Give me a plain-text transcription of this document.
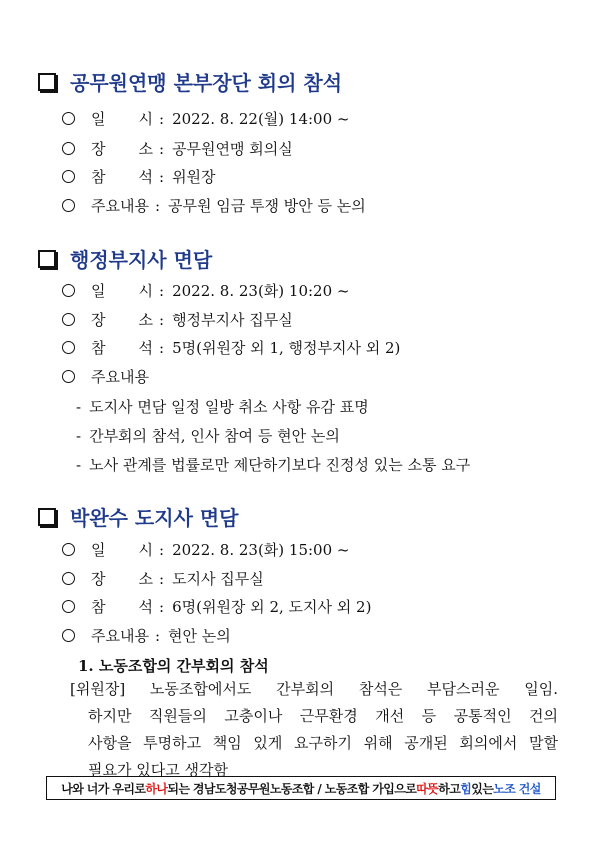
공무원연맹 본부장단 회의 참석
일 시 : 2022. 8. 22(월) 14:00 ~
장 소 : 공무원연맹 회의실
참 석 : 위원장
주요내용 : 공무원 임금 투쟁 방안 등 논의
행정부지사 면담
일 시 : 2022. 8. 23(화) 10:20 ~
장 소 : 행정부지사 집무실
참 석 : 5명(위원장 외 1, 행정부지사 외 2)
주요내용
- 도지사 면담 일정 일방 취소 사항 유감 표명
- 간부회의 참석, 인사 참여 등 현안 논의
- 노사 관계를 법률로만 제단하기보다 진정성 있는 소통 요구
박완수 도지사 면담
일 시 : 2022. 8. 23(화) 15:00 ~
장 소 : 도지사 집무실
참 석 : 6명(위원장 외 2, 도지사 외 2)
주요내용 : 현안 논의
1. 노동조합의 간부회의 참석
[위원장] 노동조합에서도 간부회의 참석은 부담스러운 일임.
하지만 직원들의 고충이나 근무환경 개선 등 공통적인 건의
사항을 투명하고 책임 있게 요구하기 위해 공개된 회의에서 말할
필요가 있다고 생각함
나와 너가 우리로 하나 되는 경남도청공무원노동조합 / 노동조합 가입으로 따뜻 하고 힘 있는 노조 건설
